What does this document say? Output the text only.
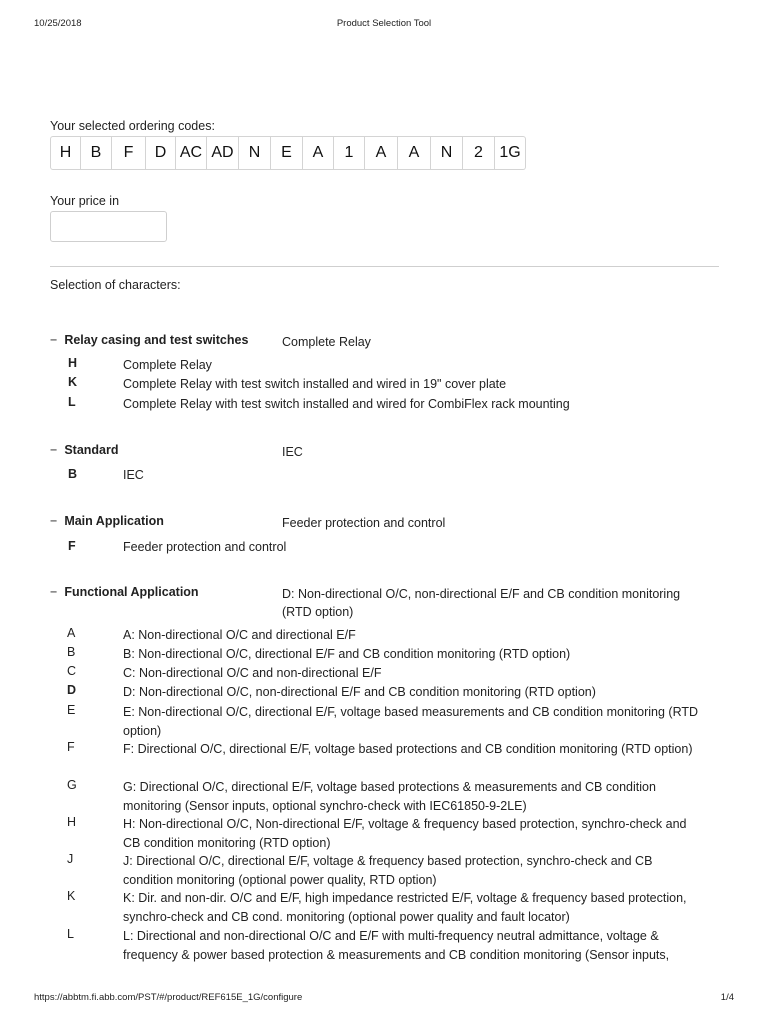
10/25/2018	Product Selection Tool
Your selected ordering codes:
H	B	F	D AC AD N	E	A	1	A	A	N	2	1G
Your price in
Selection of characters:
− Relay casing and test switches	Complete Relay
H	Complete Relay
K	Complete Relay with test switch installed and wired in 19" cover plate
L	Complete Relay with test switch installed and wired for CombiFlex rack mounting
− Standard	IEC
B	IEC
− Main Application	Feeder protection and control
F	Feeder protection and control
− Functional Application	D: Non-directional O/C, non-directional E/F and CB condition monitoring (RTD option)
A	A: Non-directional O/C and directional E/F
B	B: Non-directional O/C, directional E/F and CB condition monitoring (RTD option)
C	C: Non-directional O/C and non-directional E/F
D	D: Non-directional O/C, non-directional E/F and CB condition monitoring (RTD option)
E	E: Non-directional O/C, directional E/F, voltage based measurements and CB condition monitoring (RTD option)
F	F: Directional O/C, directional E/F, voltage based protections and CB condition monitoring (RTD option)
G	G: Directional O/C, directional E/F, voltage based protections & measurements and CB condition monitoring (Sensor inputs, optional synchro-check with IEC61850-9-2LE)
H	H: Non-directional O/C, Non-directional E/F, voltage & frequency based protection, synchro-check and CB condition monitoring (RTD option)
J	J: Directional O/C, directional E/F, voltage & frequency based protection, synchro-check and CB condition monitoring (optional power quality, RTD option)
K	K: Dir. and non-dir. O/C and E/F, high impedance restricted E/F, voltage & frequency based protection, synchro-check and CB cond. monitoring (optional power quality and fault locator)
L	L: Directional and non-directional O/C and E/F with multi-frequency neutral admittance, voltage & frequency & power based protection & measurements and CB condition monitoring (Sensor inputs,
https://abbtm.fi.abb.com/PST/#/product/REF615E_1G/configure	1/4
